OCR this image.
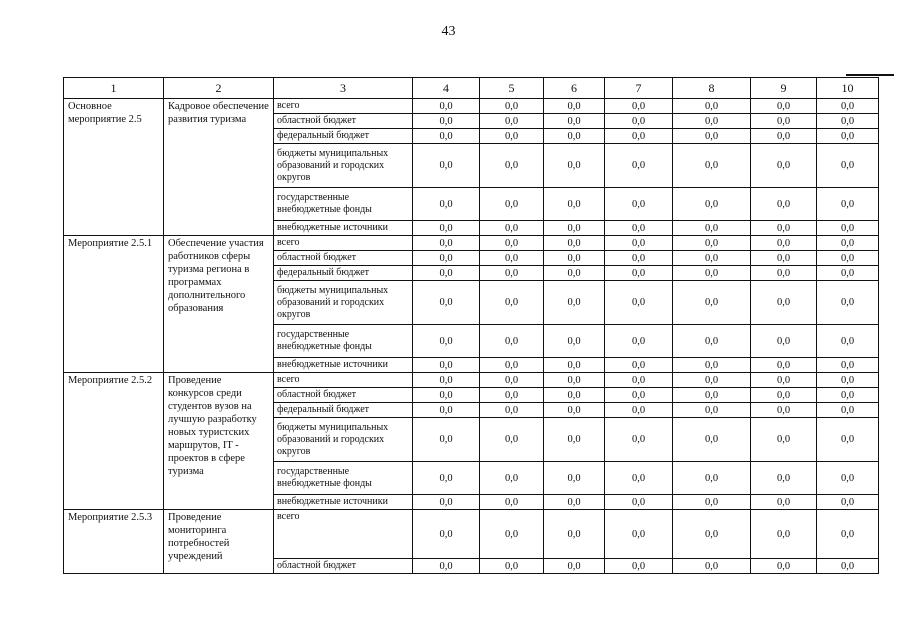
43
1	2	3	4	5	6	7	8	9	10
Основное мероприятие 2.5	Кадровое обеспечение развития туризма	всего	0,0	0,0	0,0	0,0	0,0	0,0	0,0
		областной бюджет	0,0	0,0	0,0	0,0	0,0	0,0	0,0
		федеральный бюджет	0,0	0,0	0,0	0,0	0,0	0,0	0,0
		бюджеты муниципальных образований и городских округов	0,0	0,0	0,0	0,0	0,0	0,0	0,0
		государственные внебюджетные фонды	0,0	0,0	0,0	0,0	0,0	0,0	0,0
		внебюджетные источники	0,0	0,0	0,0	0,0	0,0	0,0	0,0
Мероприятие 2.5.1	Обеспечение участия работников сферы туризма региона в программах дополнительного образования	всего	0,0	0,0	0,0	0,0	0,0	0,0	0,0
		областной бюджет	0,0	0,0	0,0	0,0	0,0	0,0	0,0
		федеральный бюджет	0,0	0,0	0,0	0,0	0,0	0,0	0,0
		бюджеты муниципальных образований и городских округов	0,0	0,0	0,0	0,0	0,0	0,0	0,0
		государственные внебюджетные фонды	0,0	0,0	0,0	0,0	0,0	0,0	0,0
		внебюджетные источники	0,0	0,0	0,0	0,0	0,0	0,0	0,0
Мероприятие 2.5.2	Проведение конкурсов среди студентов вузов на лучшую разработку новых туристских маршрутов, IT - проектов в сфере туризма	всего	0,0	0,0	0,0	0,0	0,0	0,0	0,0
		областной бюджет	0,0	0,0	0,0	0,0	0,0	0,0	0,0
		федеральный бюджет	0,0	0,0	0,0	0,0	0,0	0,0	0,0
		бюджеты муниципальных образований и городских округов	0,0	0,0	0,0	0,0	0,0	0,0	0,0
		государственные внебюджетные фонды	0,0	0,0	0,0	0,0	0,0	0,0	0,0
		внебюджетные источники	0,0	0,0	0,0	0,0	0,0	0,0	0,0
Мероприятие 2.5.3	Проведение мониторинга потребностей учреждений	всего	0,0	0,0	0,0	0,0	0,0	0,0	0,0
		областной бюджет	0,0	0,0	0,0	0,0	0,0	0,0	0,0
